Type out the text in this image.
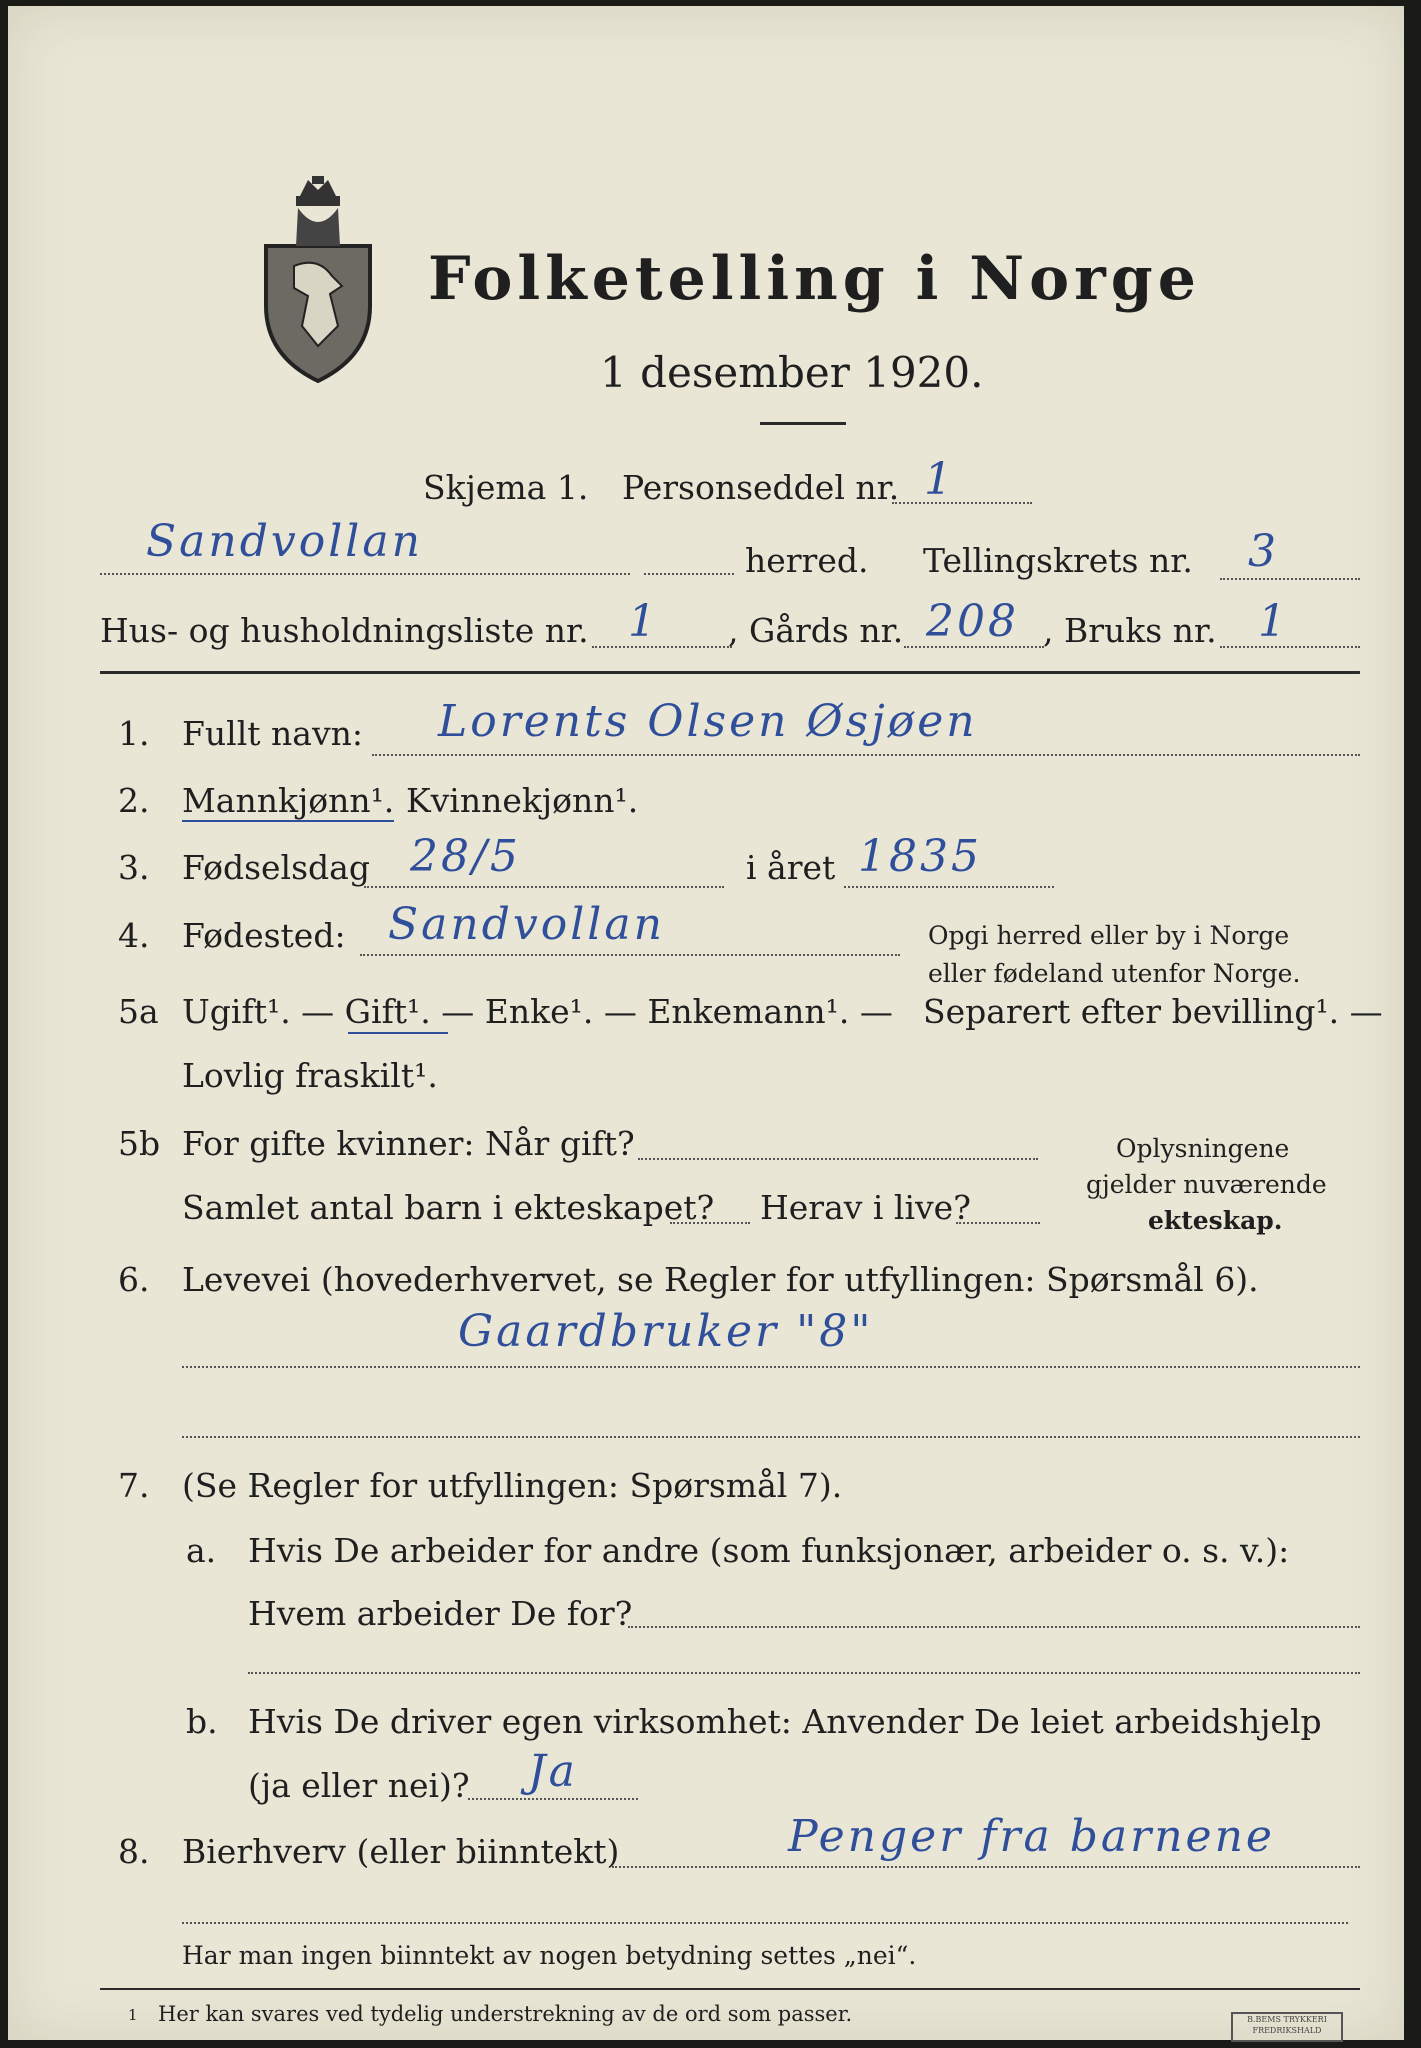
Folketelling i Norge
1 desember 1920.
Skjema 1. Personseddel nr. 1
Sandvollan	herred. Tellingskrets nr. 3
Hus- og husholdningsliste nr. 1 , Gårds nr. 208 , Bruks nr. 1
1. Fullt navn: Lorents Olsen Øsjøen
2. Mannkjønn¹. Kvinnekjønn¹.
3. Fødselsdag 28/5	i året 1835
4. Fødested: Sandvollan	Opgi herred eller by i Norge
eller fødeland utenfor Norge.
5a Ugift¹. — Gift¹. — Enke¹. — Enkemann¹. — Separert efter bevilling¹. —
Lovlig fraskilt¹.
5b For gifte kvinner: Når gift?
Samlet antal barn i ekteskapet? Herav i live?
Oplysningene
gjelder nuværende
ekteskap.
6. Levevei (hovederhvervet, se Regler for utfyllingen: Spørsmål 6).
Gaardbruker "8"
7. (Se Regler for utfyllingen: Spørsmål 7).
a. Hvis De arbeider for andre (som funksjonær, arbeider o. s. v.):
Hvem arbeider De for?
b. Hvis De driver egen virksomhet: Anvender De leiet arbeidshjelp
(ja eller nei)? Ja
8. Bierhverv (eller biinntekt)	Penger fra barnene
Har man ingen biinntekt av nogen betydning settes „nei“.
1 Her kan svares ved tydelig understrekning av de ord som passer.	B.BEMS TRYKKERI FREDRIKSHALD
